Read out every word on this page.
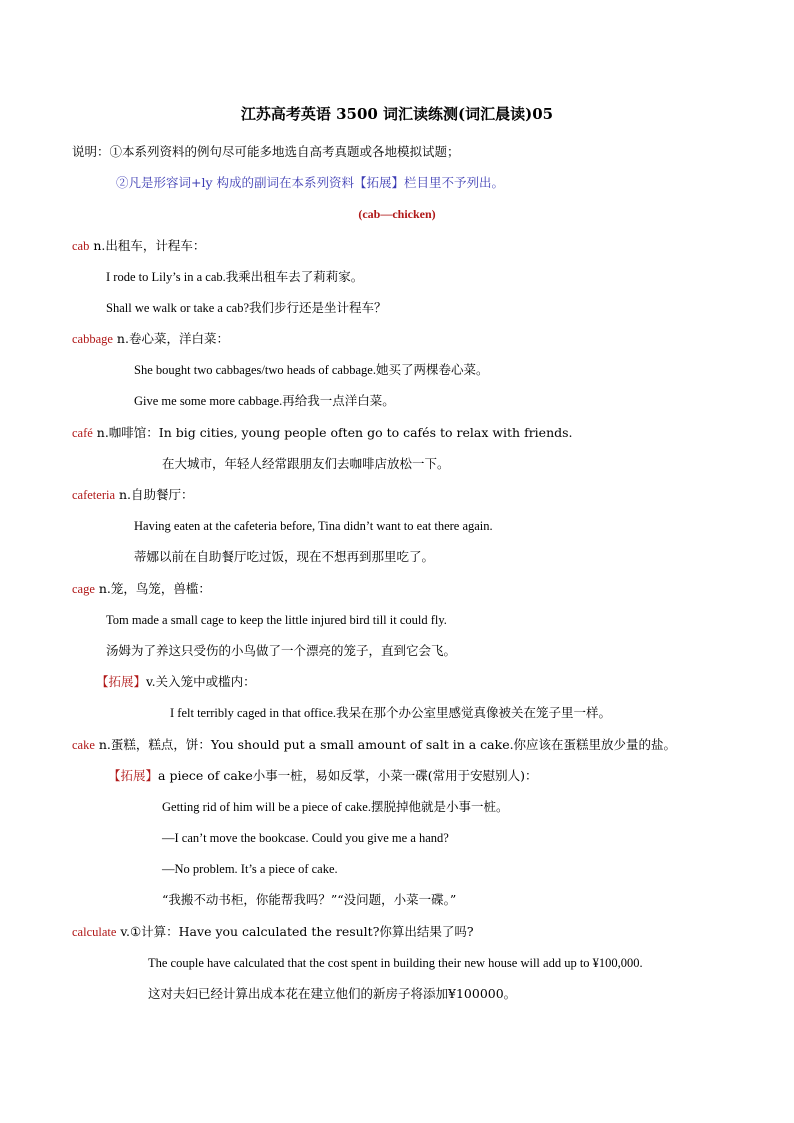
江苏高考英语 3500 词汇读练测(词汇晨读)05
说明：①本系列资料的例句尽可能多地选自高考真题或各地模拟试题；
②凡是形容词+ly 构成的副词在本系列资料【拓展】栏目里不予列出。
(cab—chicken)
cab n.出租车，计程车：
I rode to Lily’s in a cab.我乘出租车去了莉莉家。
Shall we walk or take a cab?我们步行还是坐计程车？
cabbage n.卷心菜，洋白菜：
She bought two cabbages/two heads of cabbage.她买了两棵卷心菜。
Give me some more cabbage.再给我一点洋白菜。
café n.咖啡馆：In big cities, young people often go to cafés to relax with friends.
在大城市，年轻人经常跟朋友们去咖啡店放松一下。
cafeteria n.自助餐厅：
Having eaten at the cafeteria before, Tina didn’t want to eat there again.
蒂娜以前在自助餐厅吃过饭，现在不想再到那里吃了。
cage n.笼，鸟笼，兽槛：
Tom made a small cage to keep the little injured bird till it could fly.
汤姆为了养这只受伤的小鸟做了一个漂亮的笼子，直到它会飞。
【拓展】v.关入笼中或槛内：
I felt terribly caged in that office.我呆在那个办公室里感觉真像被关在笼子里一样。
cake n.蛋糕，糕点，饼：You should put a small amount of salt in a cake.你应该在蛋糕里放少量的盐。
【拓展】a piece of cake小事一桩，易如反掌，小菜一碟(常用于安慰别人)：
Getting rid of him will be a piece of cake.摆脱掉他就是小事一桩。
—I can’t move the bookcase. Could you give me a hand?
—No problem. It’s a piece of cake.
“我搬不动书柜，你能帮我吗？”“没问题，小菜一碟。”
calculate v.①计算：Have you calculated the result?你算出结果了吗?
The couple have calculated that the cost spent in building their new house will add up to ¥100,000.
这对夫妇已经计算出成本花在建立他们的新房子将添加¥100000。
